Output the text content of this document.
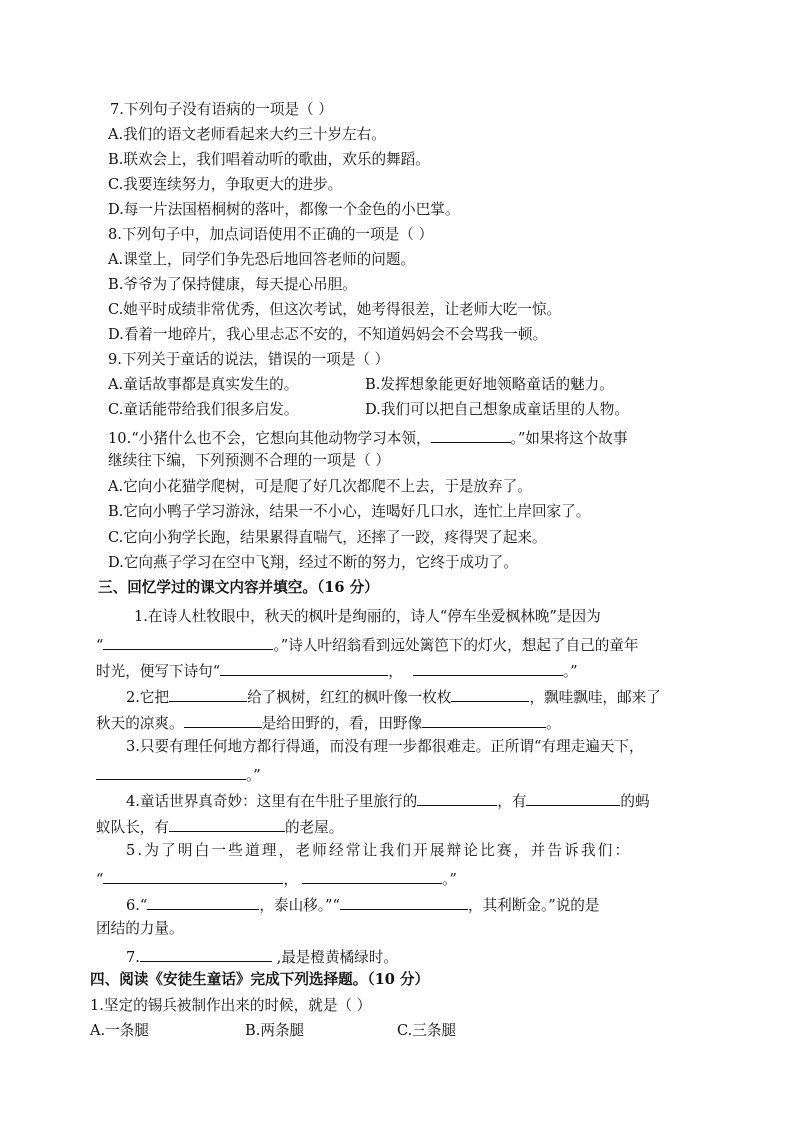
7.下列句子没有语病的一项是（ ）
A.我们的语文老师看起来大约三十岁左右。
B.联欢会上，我们唱着动听的歌曲，欢乐的舞蹈。
C.我要连续努力，争取更大的进步。
D.每一片法国梧桐树的落叶，都像一个金色的小巴掌。
8.下列句子中，加点词语使用不正确的一项是（ ）
A.课堂上，同学们争先恐后地回答老师的问题。
B.爷爷为了保持健康，每天提心吊胆。
C.她平时成绩非常优秀，但这次考试，她考得很差，让老师大吃一惊。
D.看着一地碎片，我心里忐忑不安的，不知道妈妈会不会骂我一顿。
9.下列关于童话的说法，错误的一项是（ ）
A.童话故事都是真实发生的。	B.发挥想象能更好地领略童话的魅力。
C.童话能带给我们很多启发。	D.我们可以把自己想象成童话里的人物。
10.“小猪什么也不会，它想向其他动物学习本领，	。”如果将这个故事
继续往下编，下列预测不合理的一项是（ ）
A.它向小花猫学爬树，可是爬了好几次都爬不上去，于是放弃了。
B.它向小鸭子学习游泳，结果一不小心，连喝好几口水，连忙上岸回家了。
C.它向小狗学长跑，结果累得直喘气，还摔了一跤，疼得哭了起来。
D.它向燕子学习在空中飞翔，经过不断的努力，它终于成功了。
三、回忆学过的课文内容并填空。（16 分）
1.在诗人杜牧眼中，秋天的枫叶是绚丽的，诗人“停车坐爱枫林晚”是因为
“	。”诗人叶绍翁看到远处篱笆下的灯火，想起了自己的童年
时光，便写下诗句“	，	。”
2.它把	给了枫树，红红的枫叶像一枚枚	，飘哇飘哇，邮来了
秋天的凉爽。	是给田野的，看，田野像	。
3.只要有理任何地方都行得通，而没有理一步都很难走。正所谓“有理走遍天下，
。”
4.童话世界真奇妙：这里有在牛肚子里旅行的	，有	的蚂
蚁队长，有	的老屋。
5.为了明白一些道理，老师经常让我们开展辩论比赛，并告诉我们：
“	，	。”
6.“	，泰山移。”“	，其利断金。”说的是
团结的力量。
7.	,最是橙黄橘绿时。
四、阅读《安徒生童话》完成下列选择题。（10 分）
1.坚定的锡兵被制作出来的时候，就是（ ）
A.一条腿	B.两条腿	C.三条腿
